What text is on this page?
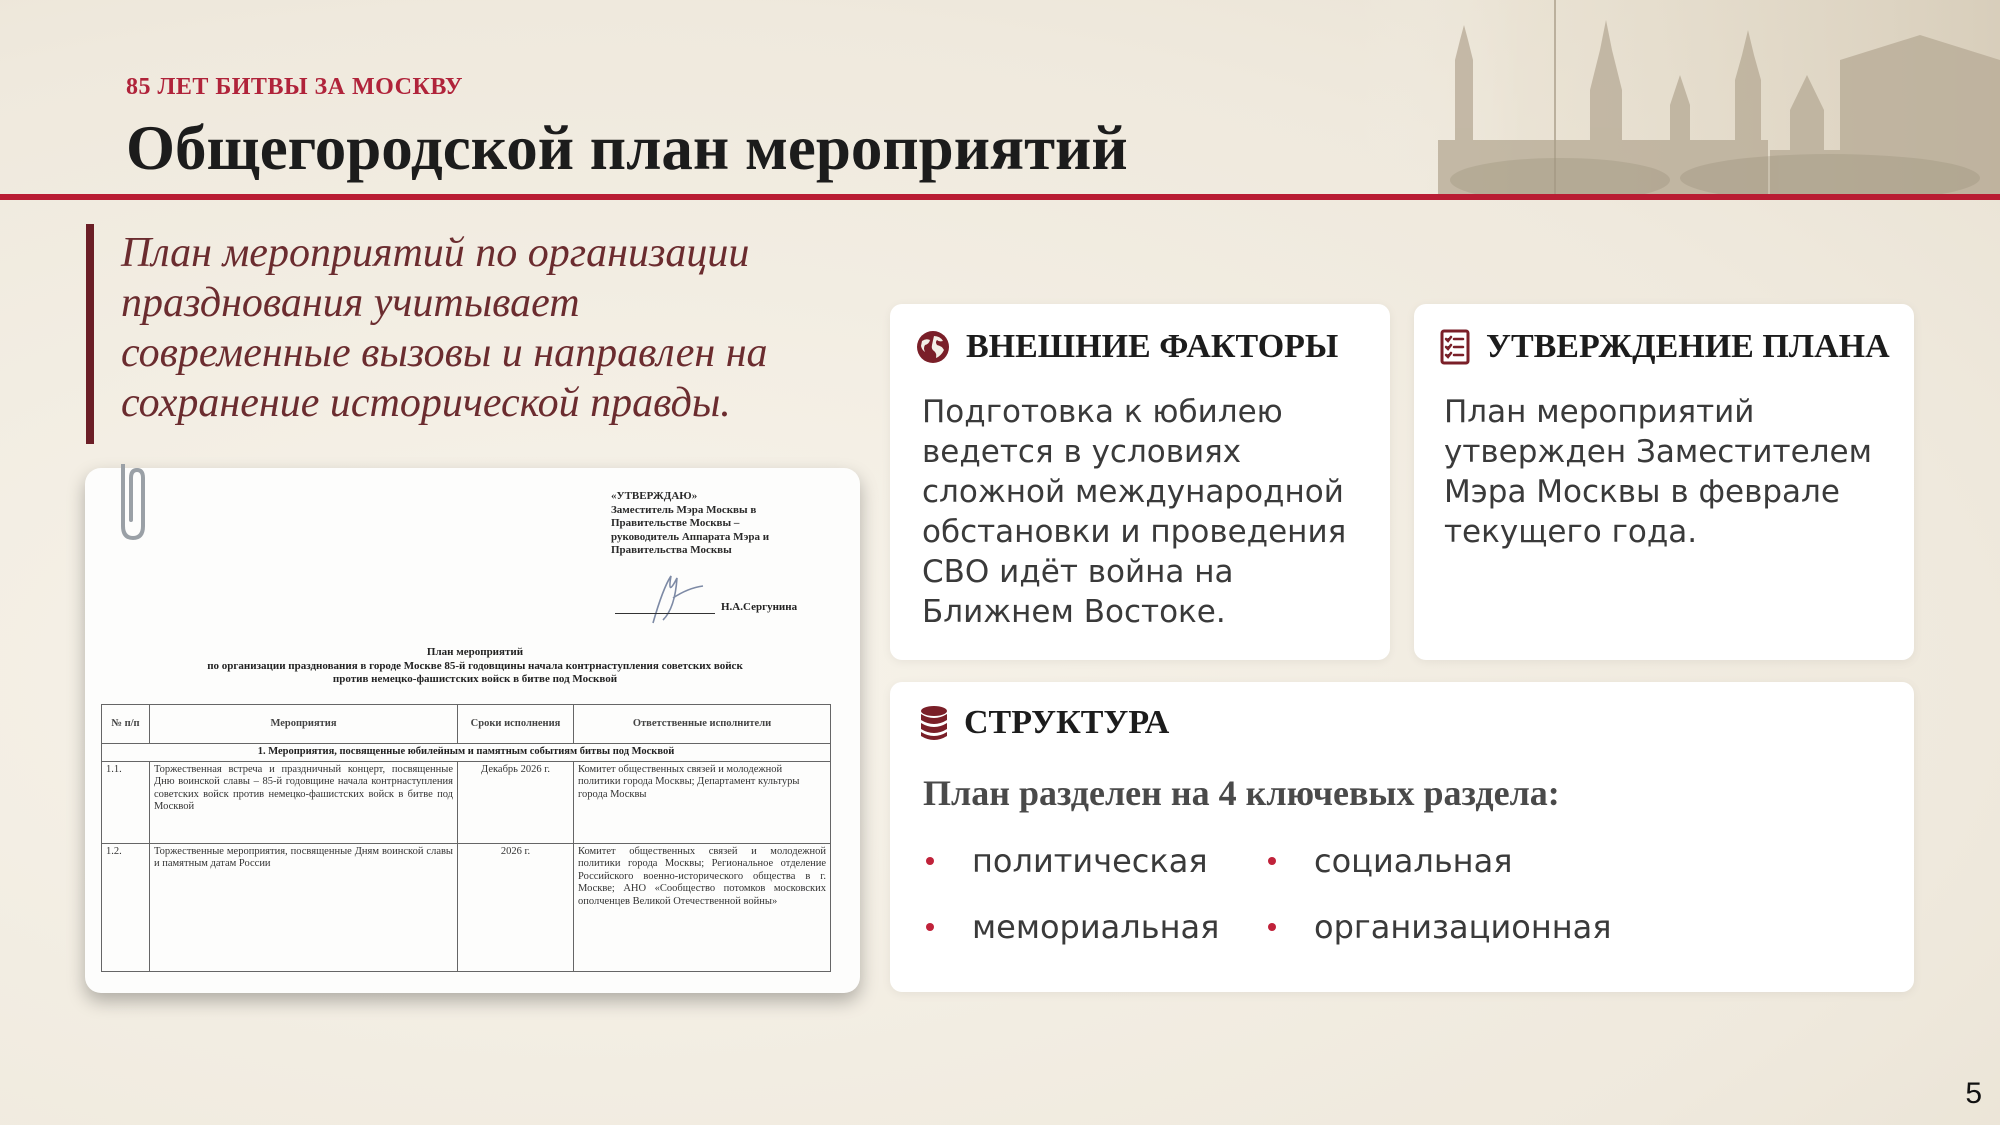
85 ЛЕТ БИТВЫ ЗА МОСКВУ
Общегородской план мероприятий
План мероприятий по организации празднования учитывает современные вызовы и направлен на сохранение исторической правды.
«УТВЕРЖДАЮ»
Заместитель Мэра Москвы в
Правительстве Москвы –
руководитель Аппарата Мэра и
Правительства Москвы
Н.А.Сергунина
План мероприятий
по организации празднования в городе Москве 85-й годовщины начала контрнаступления советских войск
против немецко-фашистских войск в битве под Москвой
№ п/п	Мероприятия	Сроки исполнения	Ответственные исполнители
1. Мероприятия, посвященные юбилейным и памятным событиям битвы под Москвой			
1.1.	Торжественная встреча и праздничный концерт, посвященные Дню воинской славы – 85-й годовщине начала контрнаступления советских войск против немецко-фашистских войск в битве под Москвой	Декабрь 2026 г.	Комитет общественных связей и молодежной политики города Москвы; Департамент культуры города Москвы
1.2.	Торжественные мероприятия, посвященные Дням воинской славы и памятным датам России	2026 г.	Комитет общественных связей и молодежной политики города Москвы; Региональное отделение Российского военно-исторического общества в г. Москве; АНО «Сообщество потомков московских ополченцев Великой Отечественной войны»
ВНЕШНИЕ ФАКТОРЫ
Подготовка к юбилею
ведется в условиях
сложной международной
обстановки и проведения
СВО идёт война на
Ближнем Востоке.
УТВЕРЖДЕНИЕ ПЛАНА
План мероприятий
утвержден Заместителем
Мэра Москвы в феврале
текущего года.
СТРУКТУРА
План разделен на 4 ключевых раздела:
политическая	социальная
мемориальная	организационная
5
